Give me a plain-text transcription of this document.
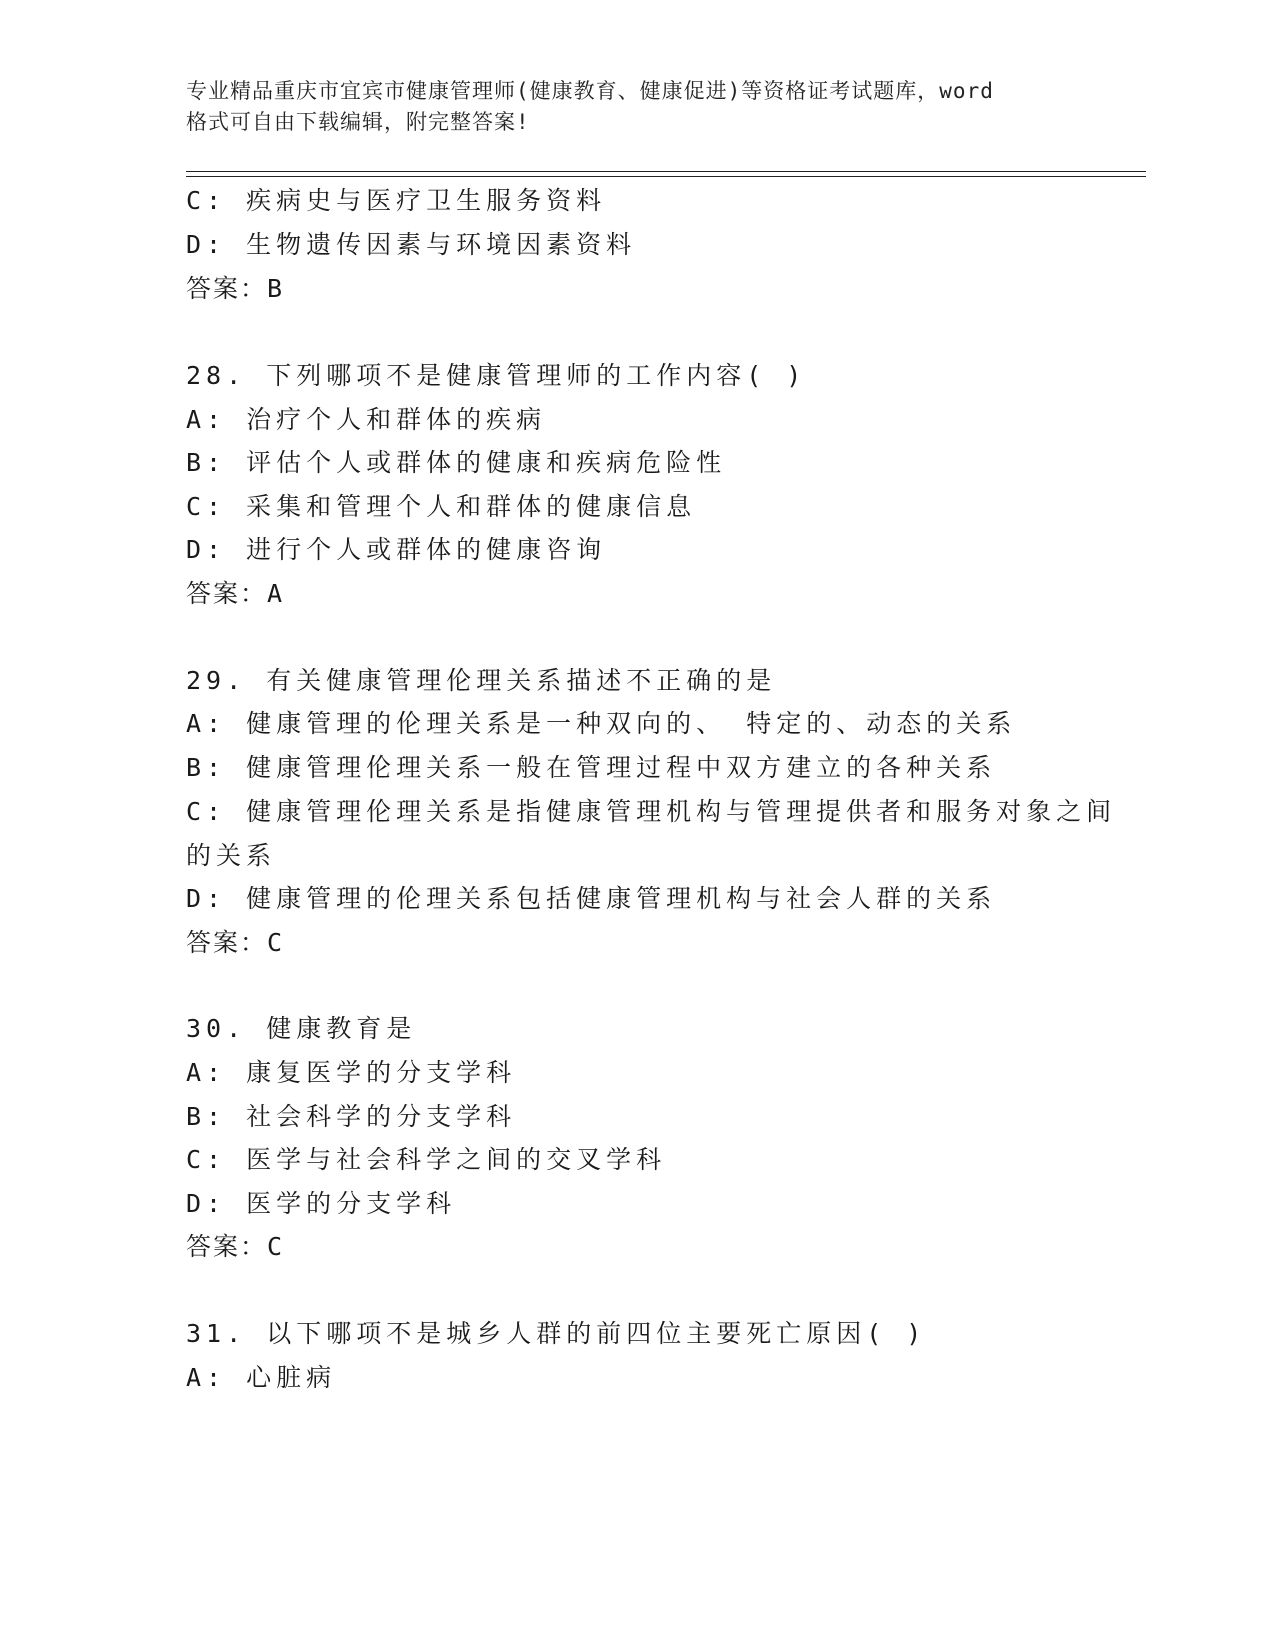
专业精品重庆市宜宾市健康管理师(健康教育、健康促进)等资格证考试题库，word
格式可自由下载编辑，附完整答案!
C: 疾病史与医疗卫生服务资料
D: 生物遗传因素与环境因素资料
答案：B
28. 下列哪项不是健康管理师的工作内容( )
A: 治疗个人和群体的疾病
B: 评估个人或群体的健康和疾病危险性
C: 采集和管理个人和群体的健康信息
D: 进行个人或群体的健康咨询
答案：A
29. 有关健康管理伦理关系描述不正确的是
A: 健康管理的伦理关系是一种双向的、 特定的、动态的关系
B: 健康管理伦理关系一般在管理过程中双方建立的各种关系
C: 健康管理伦理关系是指健康管理机构与管理提供者和服务对象之间
的关系
D: 健康管理的伦理关系包括健康管理机构与社会人群的关系
答案：C
30. 健康教育是
A: 康复医学的分支学科
B: 社会科学的分支学科
C: 医学与社会科学之间的交叉学科
D: 医学的分支学科
答案：C
31. 以下哪项不是城乡人群的前四位主要死亡原因( )
A: 心脏病
